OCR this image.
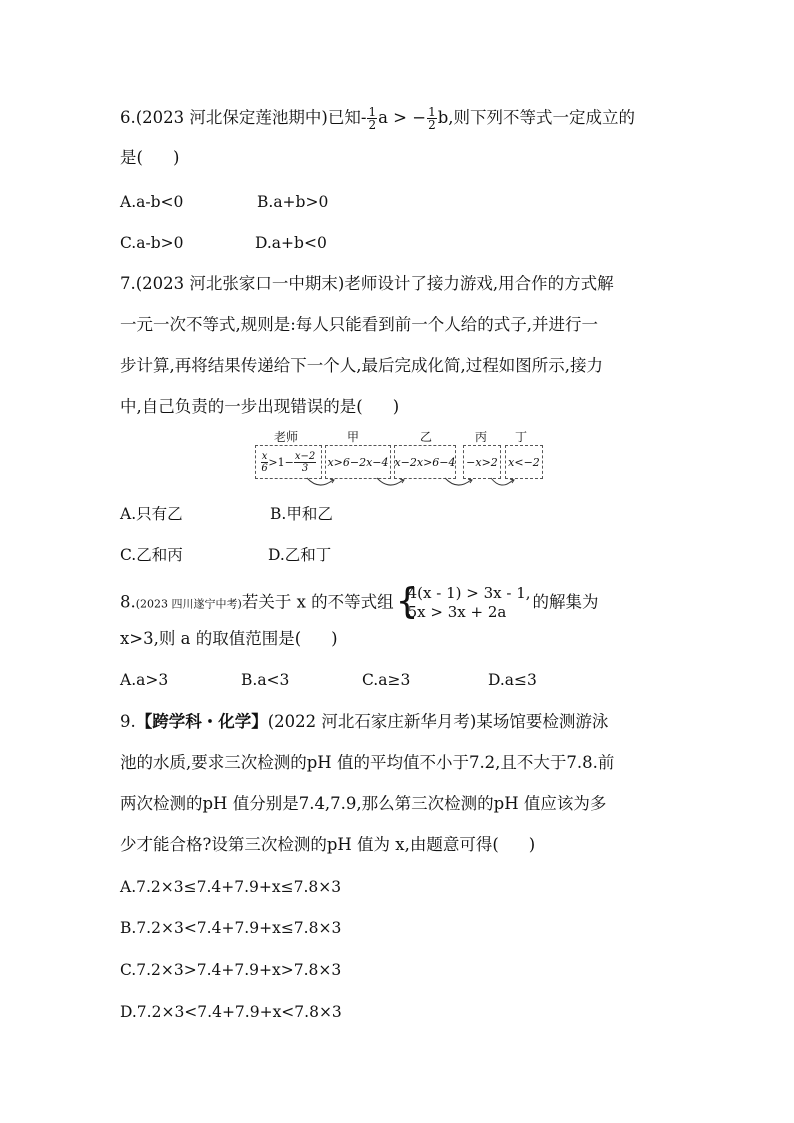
6.(2023 河北保定莲池期中)已知- $\frac{1}{2}$ a > − $\frac{1}{2} b$,则下列不等式一定成立的
是( )
A.a-b<0	B.a+b>0
C.a-b>0	D.a+b<0
7.(2023 河北张家口一中期末)老师设计了接力游戏,用合作的方式解
一元一次不等式,规则是:每人只能看到前一个人给的式子,并进行一
步计算,再将结果传递给下一个人,最后完成化简,过程如图所示,接力
中,自己负责的一步出现错误的是( )
老师	甲	乙	丙 丁
x
$6 >1- \frac{x-2}{3} x>6-2x-4$ x−2x>6−4 −x>2 x<−2
A.只有乙	B.甲和乙
C.乙和丙	D.乙和丁
8.(2023 四川遂宁中考)若关于 x 的不等式组 {
4(x - 1) > 3x - 1,
5x > 3x + 2a
的解集为
x>3,则 a 的取值范围是( )
A.a>3	B.a<3	C.a≥3	D.a≤3
9.【跨学科・化学】(2022 河北石家庄新华月考)某场馆要检测游泳
池的水质,要求三次检测的pH 值的平均值不小于7.2,且不大于7.8.前
两次检测的pH 值分别是7.4,7.9,那么第三次检测的pH 值应该为多
少才能合格?设第三次检测的pH 值为 x,由题意可得( )
A.7.2×3≤7.4+7.9+x≤7.8×3
B.7.2×3<7.4+7.9+x≤7.8×3
C.7.2×3>7.4+7.9+x>7.8×3
D.7.2×3<7.4+7.9+x<7.8×3
